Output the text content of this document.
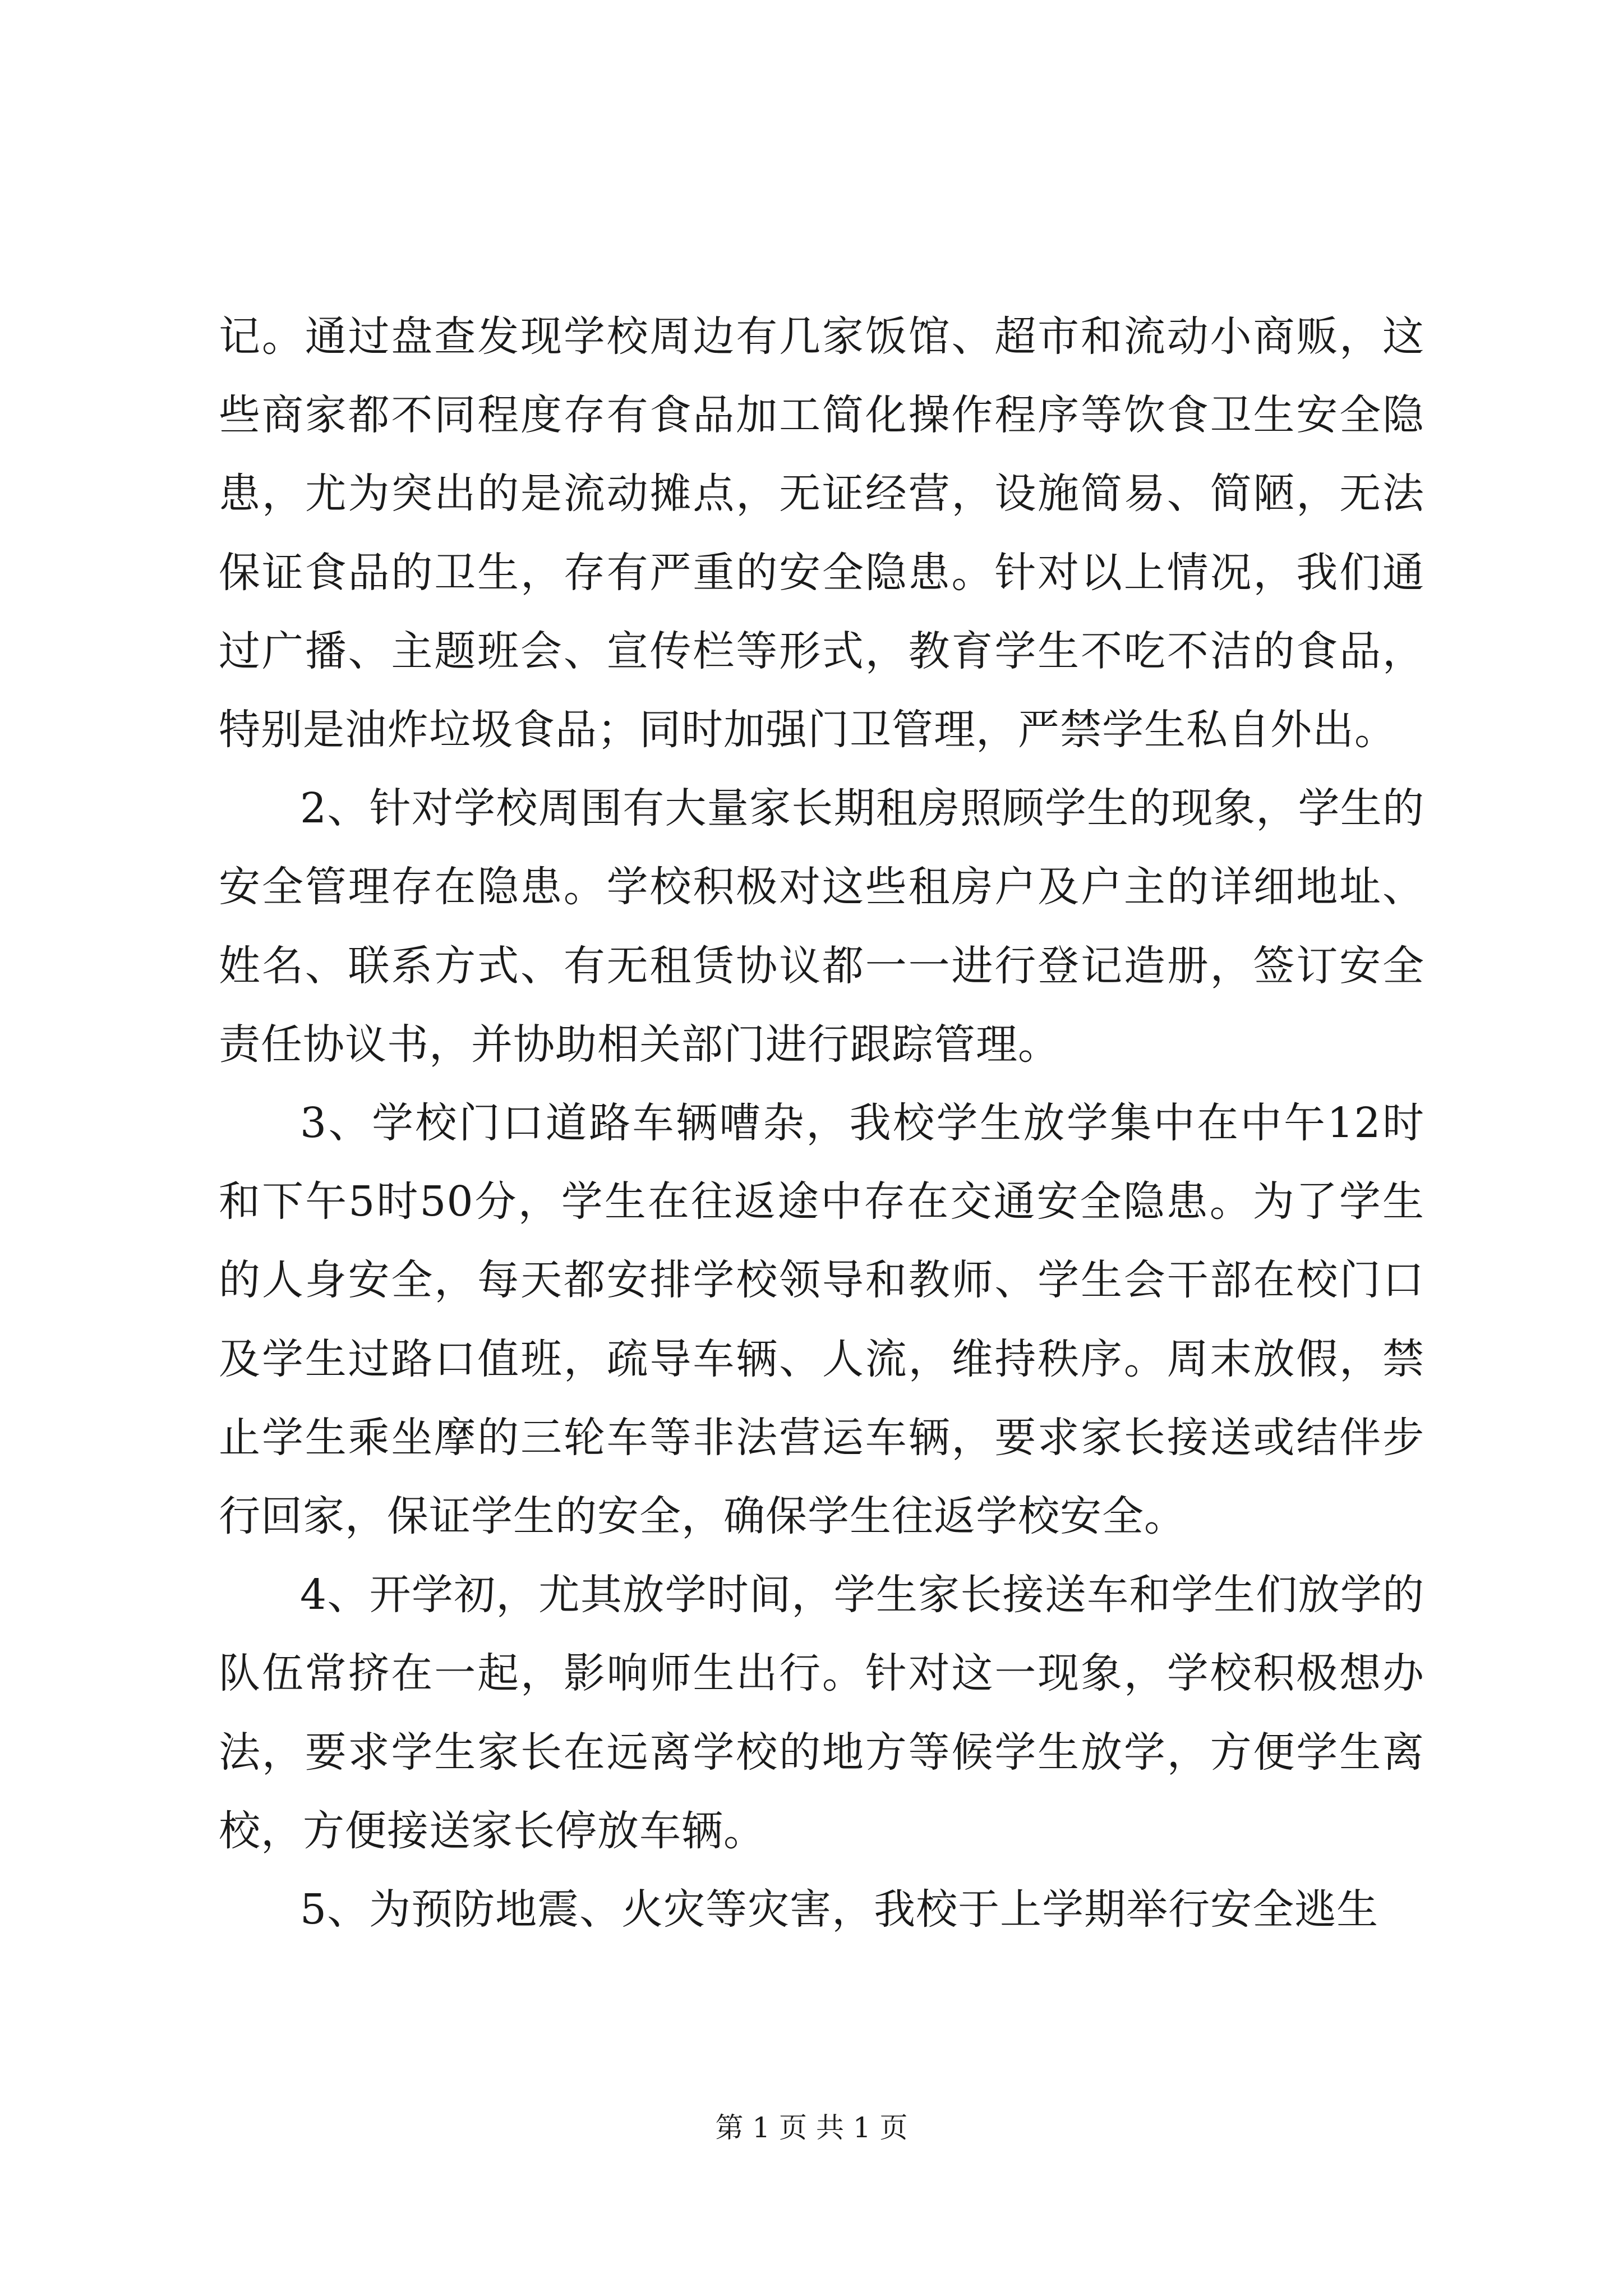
记。通过盘查发现学校周边有几家饭馆、超市和流动小商贩，这些商家都不同程度存有食品加工简化操作程序等饮食卫生安全隐患，尤为突出的是流动摊点，无证经营，设施简易、简陋，无法保证食品的卫生，存有严重的安全隐患。针对以上情况，我们通过广播、主题班会、宣传栏等形式，教育学生不吃不洁的食品，特别是油炸垃圾食品；同时加强门卫管理，严禁学生私自外出。

2、针对学校周围有大量家长期租房照顾学生的现象，学生的安全管理存在隐患。学校积极对这些租房户及户主的详细地址、姓名、联系方式、有无租赁协议都一一进行登记造册，签订安全责任协议书，并协助相关部门进行跟踪管理。

3、学校门口道路车辆嘈杂，我校学生放学集中在中午12时和下午5时50分，学生在往返途中存在交通安全隐患。为了学生的人身安全，每天都安排学校领导和教师、学生会干部在校门口及学生过路口值班，疏导车辆、人流，维持秩序。周末放假，禁止学生乘坐摩的三轮车等非法营运车辆，要求家长接送或结伴步行回家，保证学生的安全，确保学生往返学校安全。

4、开学初，尤其放学时间，学生家长接送车和学生们放学的队伍常挤在一起，影响师生出行。针对这一现象，学校积极想办法，要求学生家长在远离学校的地方等候学生放学，方便学生离校，方便接送家长停放车辆。

5、为预防地震、火灾等灾害，我校于上学期举行安全逃生

第 1 页 共 1 页
